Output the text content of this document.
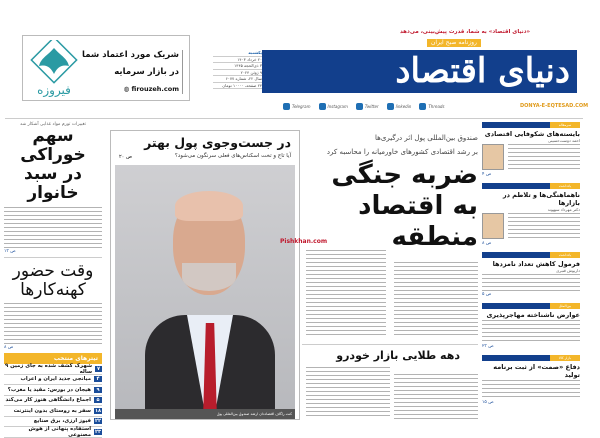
فیروزه
شریک مورد اعتماد شما
در بازار سرمایه
◍ firouzeh.com
یکشنبه
۲۰ خرداد ۱۴۰۳
۳ ذی‌الحجه ۱۴۴۵
۹ ژوئن ۲۰۲۴
سال ۲۲، شماره ۶۰۷۷
۲۴ صفحه، ۱۰۰۰۰ تومان	دنیای اقتصاد
«دنیای اقتصاد» به شما، قدرت پیش‌بینی، می‌دهد
روزنامه صبح ایران
DONYA-E-EQTESAD.COM
Telegram	Instagram	Twitter	linkedin	Threads
تغییرات تورم مواد غذایی آشکار شد
سهم خوراکی
در سبد خانوار
ص ۱۳
وقت حضور
کهنه‌کارها
ص ۸
تیترهای منتخب
۷
شهرک‌ کشف شده به جای زمین ۹ ساله
۴
میانجی جدید ایران و اعراب
۹
هیجان در بورس: مقید یا مغرب؟
۵
اجماع دانشگاهی هنوز کار می‌کند
۱۸
سفر به روستای بدون اینترنت
۲۲
فیوز ارزی، برق صنایع
۲۳
استفاده پنهانی از هوش مصنوعی
در جست‌وجوی پول بهتر
آیا تاج و تخت اسکناس‌های فعلی سرنگون می‌شود؟
ص ۲۰
کنت راگاف اقتصاددان ارشد صندوق بین‌المللی پول
صندوق بین‌المللی پول اثر درگیری‌ها
بر رشد اقتصادی کشورهای خاورمیانه را محاسبه کرد
ضربه جنگی
به اقتصاد منطقه
Pishkhan.com
دهه طلایی بازار خودرو
سرمقاله
بایسته‌های شکوفایی اقتصادی
احمد دوست‌حسینی
ص ۴
یادداشت
ناهماهنگی‌ها و تلاطم در بازارها
دکتر مهرداد سپهوند
ص ۸
یادداشت
فرمول کاهش تعداد نامزدها
داریوش قنبری
ص ۵
بین‌الملل
عوارض ناشناخته مهاجرپذیری
ص ۲۳
بازار کالا
دفاع «صمت» از ثبت برنامه تولید
ص ۱۵
